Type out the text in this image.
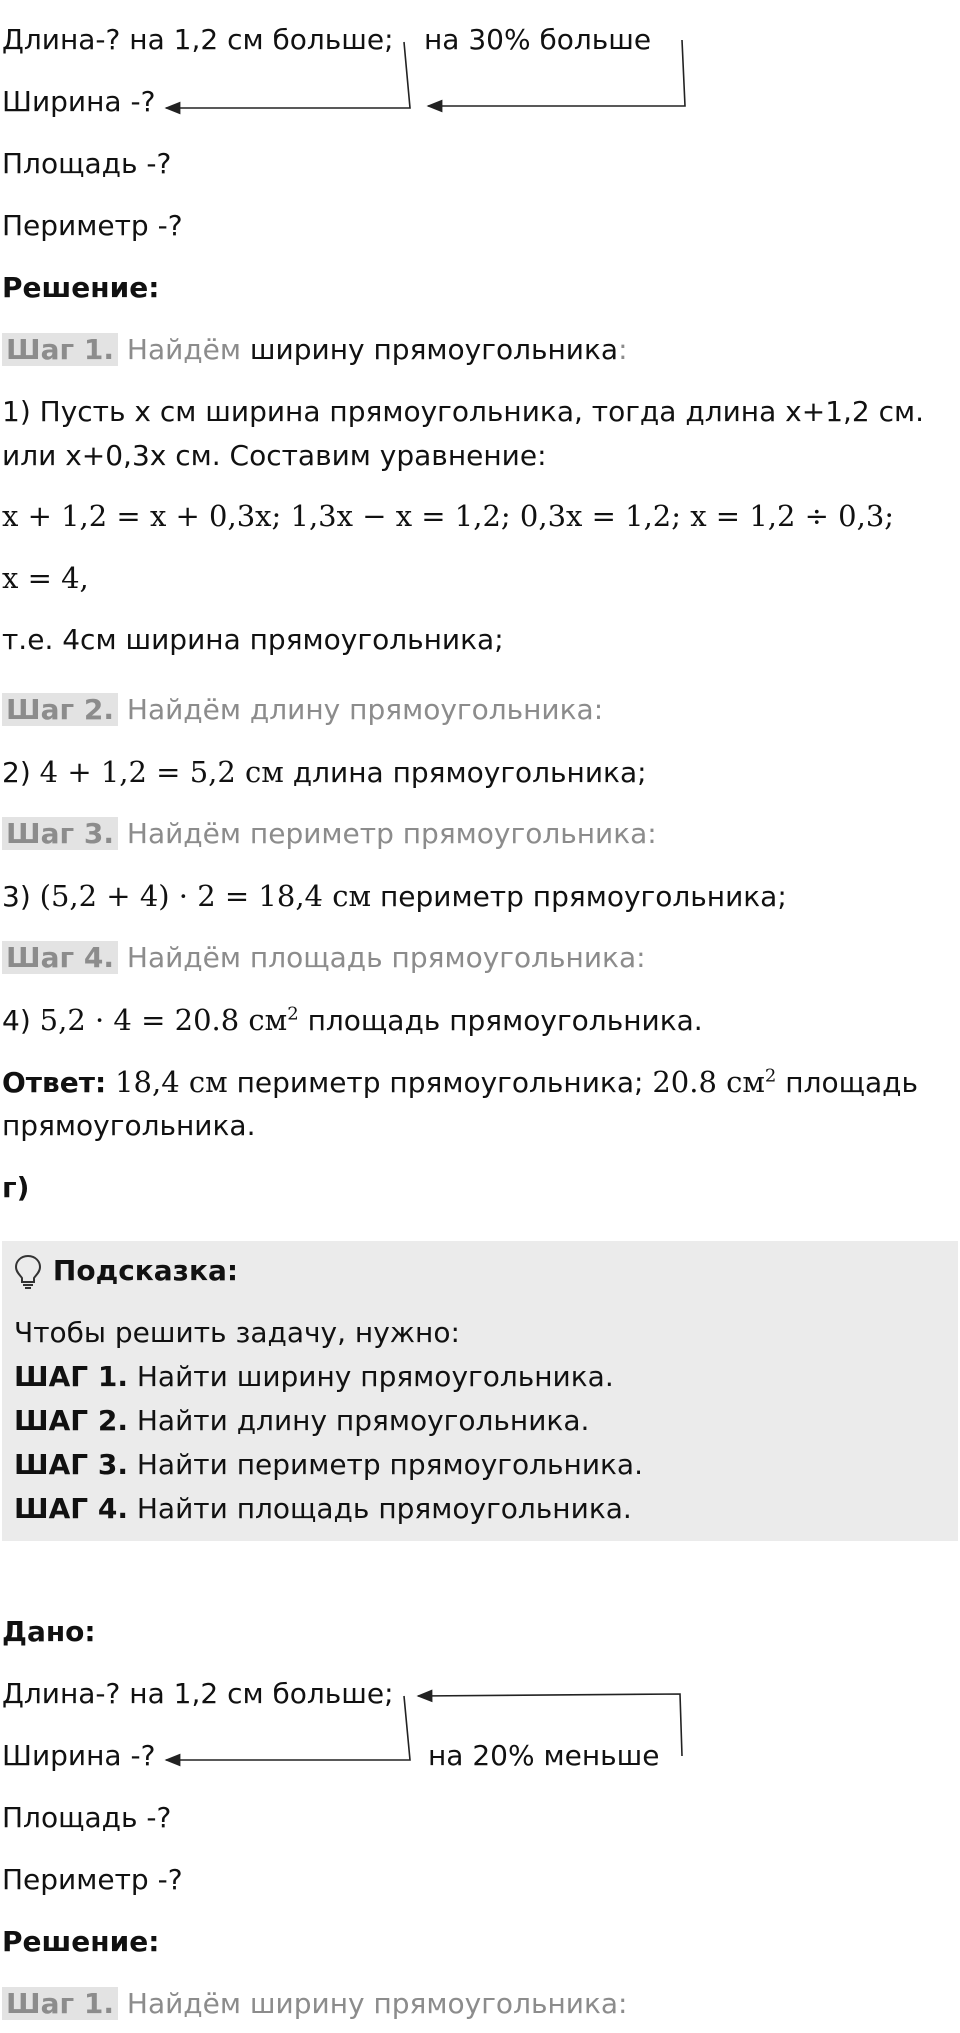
Длина-? на 1,2 см больше; на 30% больше
Ширина -?
Площадь -?
Периметр -?
Решение:
Шаг 1. Найдём ширину прямоугольника:
1) Пусть x см ширина прямоугольника, тогда длина x+1,2 см.
или x+0,3x см. Составим уравнение:
x + 1,2 = x + 0,3x; 1,3x − x = 1,2; 0,3x = 1,2; x = 1,2 ÷ 0,3;
x = 4,
т.е. 4см ширина прямоугольника;
Шаг 2. Найдём длину прямоугольника:
2) 4 + 1,2 = 5,2 см длина прямоугольника;
Шаг 3. Найдём периметр прямоугольника:
3) (5,2 + 4) · 2 = 18,4 см периметр прямоугольника;
Шаг 4. Найдём площадь прямоугольника:
4) 5,2 · 4 = 20.8 $см^2$ площадь прямоугольника.
Ответ: 18,4 см периметр прямоугольника; 20.8 $см^2$ площадь
прямоугольника.
г)
Подсказка:
Чтобы решить задачу, нужно:
ШАГ 1. Найти ширину прямоугольника.
ШАГ 2. Найти длину прямоугольника.
ШАГ 3. Найти периметр прямоугольника.
ШАГ 4. Найти площадь прямоугольника.
Дано:
Длина-? на 1,2 см больше;
Ширина -?	на 20% меньше
Площадь -?
Периметр -?
Решение:
Шаг 1. Найдём ширину прямоугольника:
